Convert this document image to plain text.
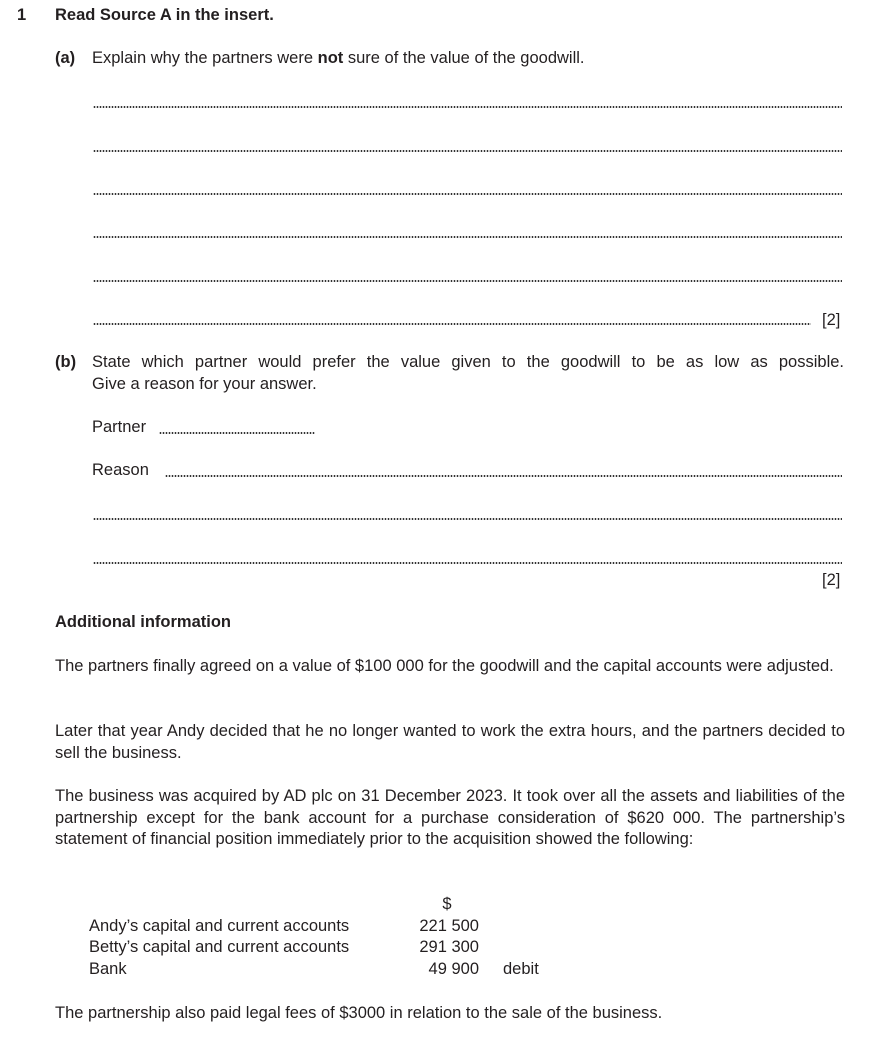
1 Read Source A in the insert.
(a) Explain why the partners were not sure of the value of the goodwill.
[2]
(b) State which partner would prefer the value given to the goodwill to be as low as possible.
Give a reason for your answer.
Partner
Reason
[2]
Additional information
The partners finally agreed on a value of $100 000 for the goodwill and the capital accounts were adjusted.
Later that year Andy decided that he no longer wanted to work the extra hours, and the partners decided to sell the business.
The business was acquired by AD plc on 31 December 2023. It took over all the assets and liabilities of the partnership except for the bank account for a purchase consideration of $620 000. The partnership’s statement of financial position immediately prior to the acquisition showed the following:
	$	
Andy’s capital and current accounts	221 500	
Betty’s capital and current accounts	291 300	
Bank	49 900	debit
The partnership also paid legal fees of $3000 in relation to the sale of the business.
